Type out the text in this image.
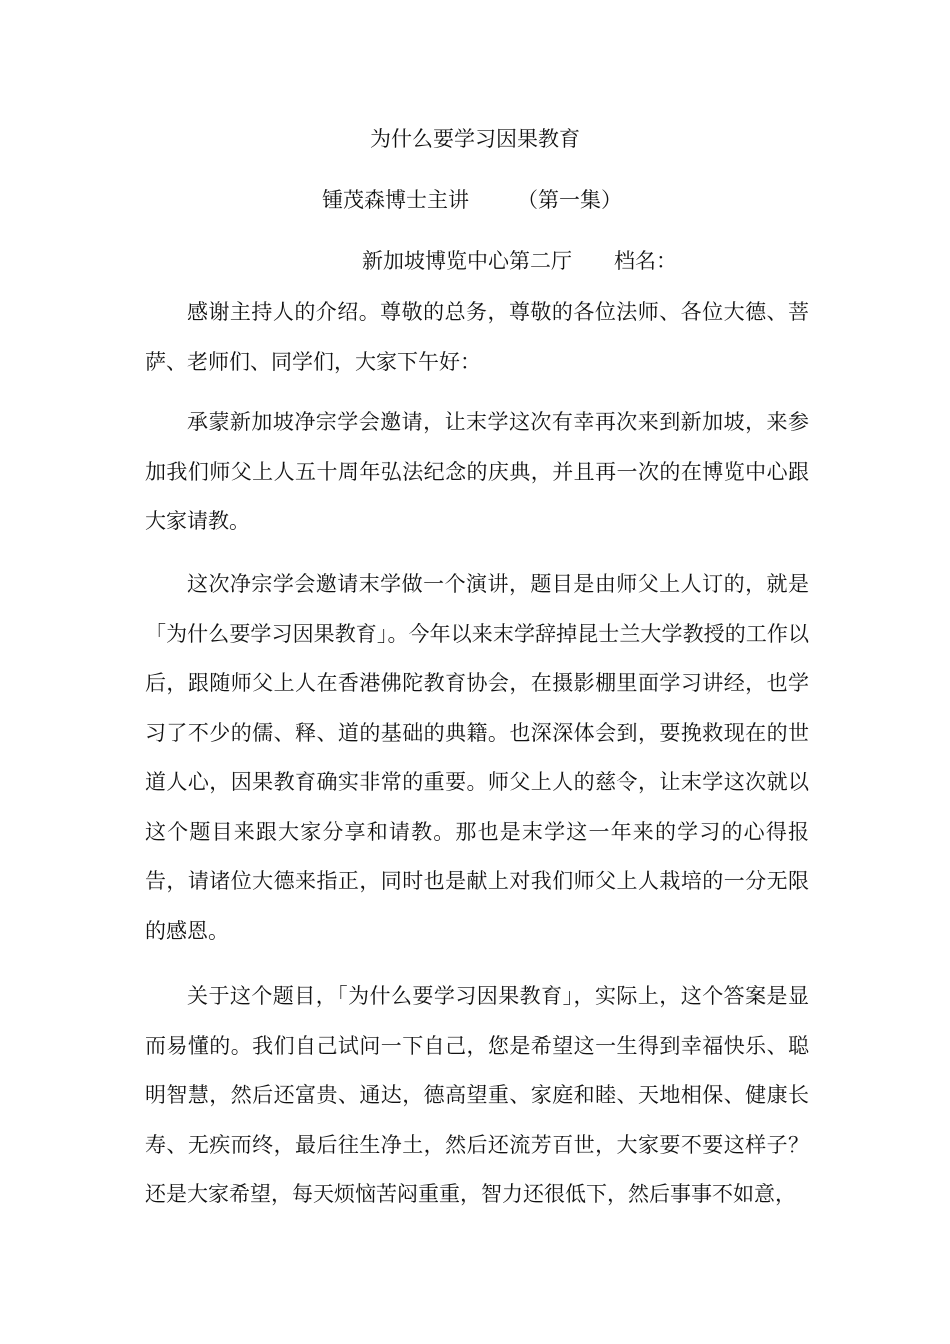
为什么要学习因果教育
锺茂森博士主讲 （第一集）
新加坡博览中心第二厅 档名：

感谢主持人的介绍。尊敬的总务，尊敬的各位法师、各位大德、菩萨、老师们、同学们，大家下午好：

承蒙新加坡净宗学会邀请，让末学这次有幸再次来到新加坡，来参加我们师父上人五十周年弘法纪念的庆典，并且再一次的在博览中心跟大家请教。

这次净宗学会邀请末学做一个演讲，题目是由师父上人订的，就是「为什么要学习因果教育」。今年以来末学辞掉昆士兰大学教授的工作以后，跟随师父上人在香港佛陀教育协会，在摄影棚里面学习讲经，也学习了不少的儒、释、道的基础的典籍。也深深体会到，要挽救现在的世道人心，因果教育确实非常的重要。师父上人的慈令，让末学这次就以这个题目来跟大家分享和请教。那也是末学这一年来的学习的心得报告，请诸位大德来指正，同时也是献上对我们师父上人栽培的一分无限的感恩。

关于这个题目，「为什么要学习因果教育」，实际上，这个答案是显而易懂的。我们自己试问一下自己，您是希望这一生得到幸福快乐、聪明智慧，然后还富贵、通达，德高望重、家庭和睦、天地相保、健康长寿、无疾而终，最后往生净土，然后还流芳百世，大家要不要这样子？还是大家希望，每天烦恼苦闷重重，智力还很低下，然后事事不如意，
